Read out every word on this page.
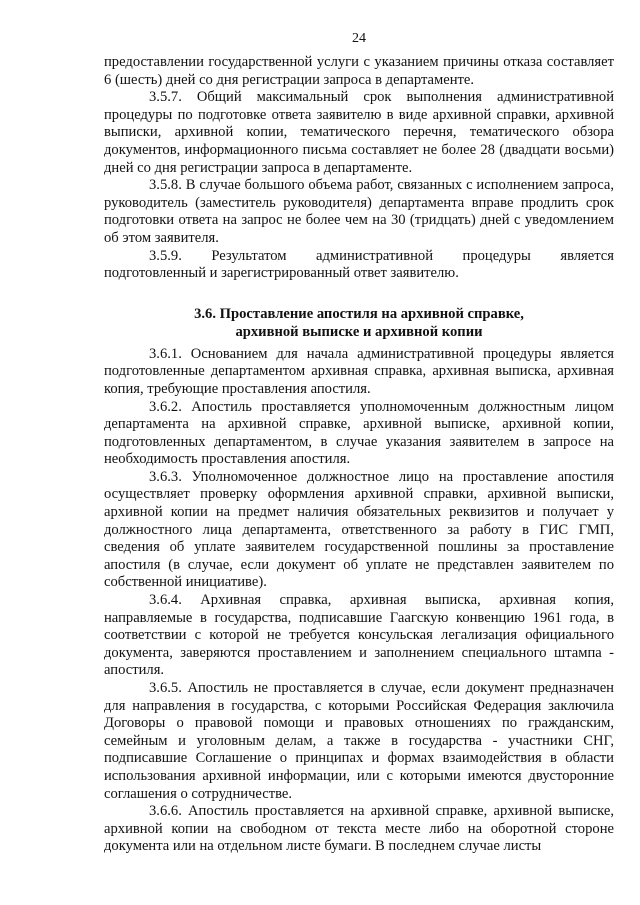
24

предоставлении государственной услуги с указанием причины отказа составляет 6 (шесть) дней со дня регистрации запроса в департаменте.

3.5.7. Общий максимальный срок выполнения административной процедуры по подготовке ответа заявителю в виде архивной справки, архивной выписки, архивной копии, тематического перечня, тематического обзора документов, информационного письма составляет не более 28 (двадцати восьми) дней со дня регистрации запроса в департаменте.

3.5.8. В случае большого объема работ, связанных с исполнением запроса, руководитель (заместитель руководителя) департамента вправе продлить срок подготовки ответа на запрос не более чем на 30 (тридцать) дней с уведомлением об этом заявителя.

3.5.9. Результатом административной процедуры является подготовленный и зарегистрированный ответ заявителю.

3.6. Проставление апостиля на архивной справке,
архивной выписке и архивной копии

3.6.1. Основанием для начала административной процедуры является подготовленные департаментом архивная справка, архивная выписка, архивная копия, требующие проставления апостиля.

3.6.2. Апостиль проставляется уполномоченным должностным лицом департамента на архивной справке, архивной выписке, архивной копии, подготовленных департаментом, в случае указания заявителем в запросе на необходимость проставления апостиля.

3.6.3. Уполномоченное должностное лицо на проставление апостиля осуществляет проверку оформления архивной справки, архивной выписки, архивной копии на предмет наличия обязательных реквизитов и получает у должностного лица департамента, ответственного за работу в ГИС ГМП, сведения об уплате заявителем государственной пошлины за проставление апостиля (в случае, если документ об уплате не представлен заявителем по собственной инициативе).

3.6.4. Архивная справка, архивная выписка, архивная копия, направляемые в государства, подписавшие Гаагскую конвенцию 1961 года, в соответствии с которой не требуется консульская легализация официального документа, заверяются проставлением и заполнением специального штампа - апостиля.

3.6.5. Апостиль не проставляется в случае, если документ предназначен для направления в государства, с которыми Российская Федерация заключила Договоры о правовой помощи и правовых отношениях по гражданским, семейным и уголовным делам, а также в государства - участники СНГ, подписавшие Соглашение о принципах и формах взаимодействия в области использования архивной информации, или с которыми имеются двусторонние соглашения о сотрудничестве.

3.6.6. Апостиль проставляется на архивной справке, архивной выписке, архивной копии на свободном от текста месте либо на оборотной стороне документа или на отдельном листе бумаги. В последнем случае листы
